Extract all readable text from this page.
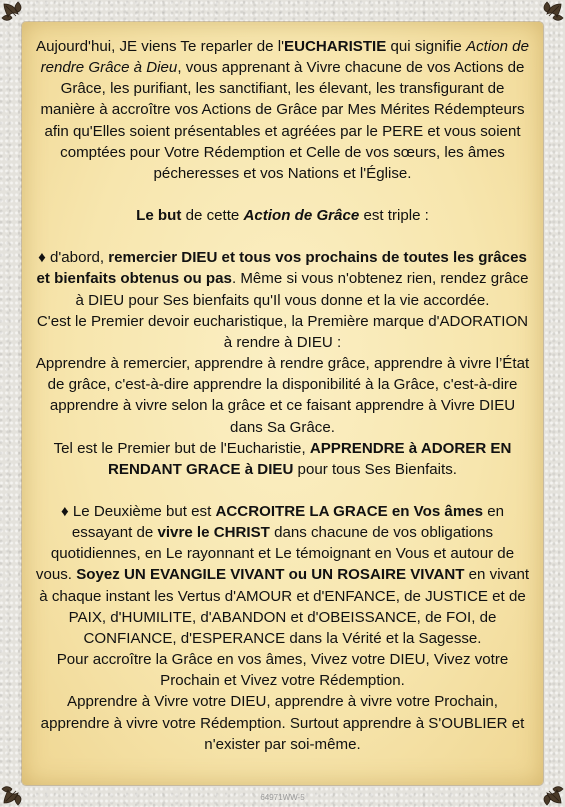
Aujourd'hui, JE viens Te reparler de l'EUCHARISTIE qui signifie Action de rendre Grâce à Dieu, vous apprenant à Vivre chacune de vos Actions de Grâce, les purifiant, les sanctifiant, les élevant, les transfigurant de manière à accroître vos Actions de Grâce par Mes Mérites Rédempteurs afin qu'Elles soient présentables et agréées par le PERE et vous soient comptées pour Votre Rédemption et Celle de vos sœurs, les âmes pécheresses et vos Nations et l'Église.

Le but de cette Action de Grâce est triple :

♦ d'abord, remercier DIEU et tous vos prochains de toutes les grâces et bienfaits obtenus ou pas. Même si vous n'obtenez rien, rendez grâce à DIEU pour Ses bienfaits qu'Il vous donne et la vie accordée.

C'est le Premier devoir eucharistique, la Première marque d'ADORATION à rendre à DIEU :

Apprendre à remercier, apprendre à rendre grâce, apprendre à vivre l’État de grâce, c'est-à-dire apprendre la disponibilité à la Grâce, c'est-à-dire apprendre à vivre selon la grâce et ce faisant apprendre à Vivre DIEU dans Sa Grâce.

Tel est le Premier but de l'Eucharistie, APPRENDRE à ADORER EN RENDANT GRACE à DIEU pour tous Ses Bienfaits.

♦ Le Deuxième but est ACCROITRE LA GRACE en Vos âmes en essayant de vivre le CHRIST dans chacune de vos obligations quotidiennes, en Le rayonnant et Le témoignant en Vous et autour de vous. Soyez UN EVANGILE VIVANT ou UN ROSAIRE VIVANT en vivant à chaque instant les Vertus d'AMOUR et d'ENFANCE, de JUSTICE et de PAIX, d'HUMILITE, d'ABANDON et d'OBEISSANCE, de FOI, de CONFIANCE, d'ESPERANCE dans la Vérité et la Sagesse.

Pour accroître la Grâce en vos âmes, Vivez votre DIEU, Vivez votre Prochain et Vivez votre Rédemption.

Apprendre à Vivre votre DIEU, apprendre à vivre votre Prochain, apprendre à vivre votre Rédemption. Surtout apprendre à S'OUBLIER et n'exister par soi-même.

64971WW-5
